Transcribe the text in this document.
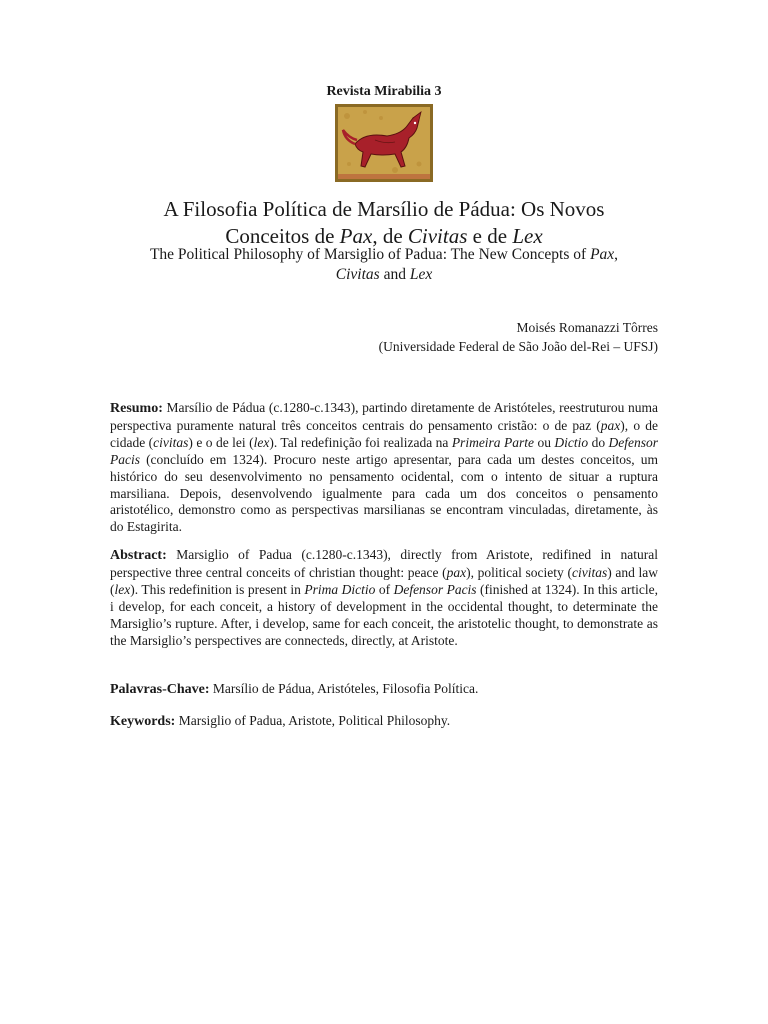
Revista Mirabilia 3
A Filosofia Política de Marsílio de Pádua: Os Novos
Conceitos de Pax, de Civitas e de Lex
The Political Philosophy of Marsiglio of Padua: The New Concepts of Pax,
Civitas and Lex
Moisés Romanazzi Tôrres
(Universidade Federal de São João del-Rei – UFSJ)
Resumo: Marsílio de Pádua (c.1280-c.1343), partindo diretamente de Aristóteles, reestruturou numa perspectiva puramente natural três conceitos centrais do pensamento cristão: o de paz (pax), o de cidade (civitas) e o de lei (lex). Tal redefinição foi realizada na Primeira Parte ou Dictio do Defensor Pacis (concluído em 1324). Procuro neste artigo apresentar, para cada um destes conceitos, um histórico do seu desenvolvimento no pensamento ocidental, com o intento de situar a ruptura marsiliana. Depois, desenvolvendo igualmente para cada um dos conceitos o pensamento aristotélico, demonstro como as perspectivas marsilianas se encontram vinculadas, diretamente, às do Estagirita.
Abstract: Marsiglio of Padua (c.1280-c.1343), directly from Aristote, redifined in natural perspective three central conceits of christian thought: peace (pax), political society (civitas) and law (lex). This redefinition is present in Prima Dictio of Defensor Pacis (finished at 1324). In this article, i develop, for each conceit, a history of development in the occidental thought, to determinate the Marsiglio’s rupture. After, i develop, same for each conceit, the aristotelic thought, to demonstrate as the Marsiglio’s perspectives are connecteds, directly, at Aristote.
Palavras-Chave: Marsílio de Pádua, Aristóteles, Filosofia Política.
Keywords: Marsiglio of Padua, Aristote, Political Philosophy.
